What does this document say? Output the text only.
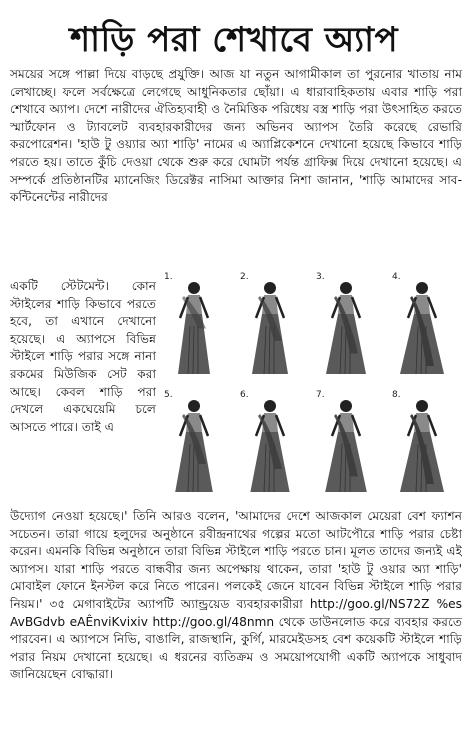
শাড়ি পরা শেখাবে অ্যাপ
সময়ের সঙ্গে পাল্লা দিয়ে বাড়ছে প্রযুক্তি। আজ যা নতুন আগামীকাল তা পুরনোর খাতায় নাম লেখাচ্ছে। ফলে সর্বক্ষেত্রে লেগেছে আধুনিকতার ছোঁয়া। এ ধারাবাহিকতায় এবার শাড়ি পরা শেখাবে অ্যাপ। দেশে নারীদের ঐতিহ্যবাহী ও নৈমিত্তিক পরিধেয় বস্ত্র শাড়ি পরা উৎসাহিত করতে স্মার্টফোন ও ট্যাবলেট ব্যবহারকারীদের জন্য অভিনব অ্যাপস তৈরি করেছে রেভারি করপোরেশন। 'হাউ টু ওয়্যার অ্যা শাড়ি' নামের এ অ্যাপ্লিকেশনে দেখানো হয়েছে কিভাবে শাড়ি পরতে হয়। তাতে কুঁচি দেওয়া থেকে শুরু করে ঘোমটা পর্যন্ত গ্রাফিক্স দিয়ে দেখানো হয়েছে। এ সম্পর্কে প্রতিষ্ঠানটির ম্যানেজিং ডিরেক্টর নাসিমা আক্তার নিশা জানান, 'শাড়ি আমাদের সাব-কন্টিনেন্টের নারীদের
একটি স্টেটমেন্ট। কোন স্টাইলের শাড়ি কিভাবে পরতে হবে, তা এখানে দেখানো হয়েছে। এ অ্যাপসে বিভিন্ন স্টাইলে শাড়ি পরার সঙ্গে নানা রকমের মিউজিক সেট করা আছে। কেবল শাড়ি পরা দেখলে একঘেয়েমি চলে আসতে পারে। তাই এ
1.	2.	3.	4.
5.	6.	7.	8.
উদ্যোগ নেওয়া হয়েছে।' তিনি আরও বলেন, 'আমাদের দেশে আজকাল মেয়েরা বেশ ফ্যাশন সচেতন। তারা গায়ে হলুদের অনুষ্ঠানে রবীন্দ্রনাথের গল্পের মতো আটপৌরে শাড়ি পরার চেষ্টা করেন। এমনকি বিভিন্ন অনুষ্ঠানে তারা বিভিন্ন স্টাইলে শাড়ি পরতে চান। মূলত তাদের জন্যই এই অ্যাপস। যারা শাড়ি পরতে বান্ধবীর জন্য অপেক্ষায় থাকেন, তারা 'হাউ টু ওয়ার অ্যা শাড়ি' মোবাইল ফোনে ইনস্টল করে নিতে পারেন। পলকেই জেনে যাবেন বিভিন্ন স্টাইলে শাড়ি পরার নিয়ম।' ৩৫ মেগাবাইটের অ্যাপটি অ্যান্ড্রয়েড ব্যবহারকারীরা http://goo.gl/NS72Z %es AvBGdvb eAÊnviKvixiv http://goo.gl/48nmn থেকে ডাউনলোড করে ব্যবহার করতে পারবেন। এ অ্যাপসে নিভি, বাঙালি, রাজস্থানি, কুর্গি, মারমেইডসহ বেশ কয়েকটি স্টাইলে শাড়ি পরার নিয়ম দেখানো হয়েছে। এ ধরনের ব্যতিক্রম ও সময়োপযোগী একটি অ্যাপকে সাধুবাদ জানিয়েছেন বোদ্ধারা।
